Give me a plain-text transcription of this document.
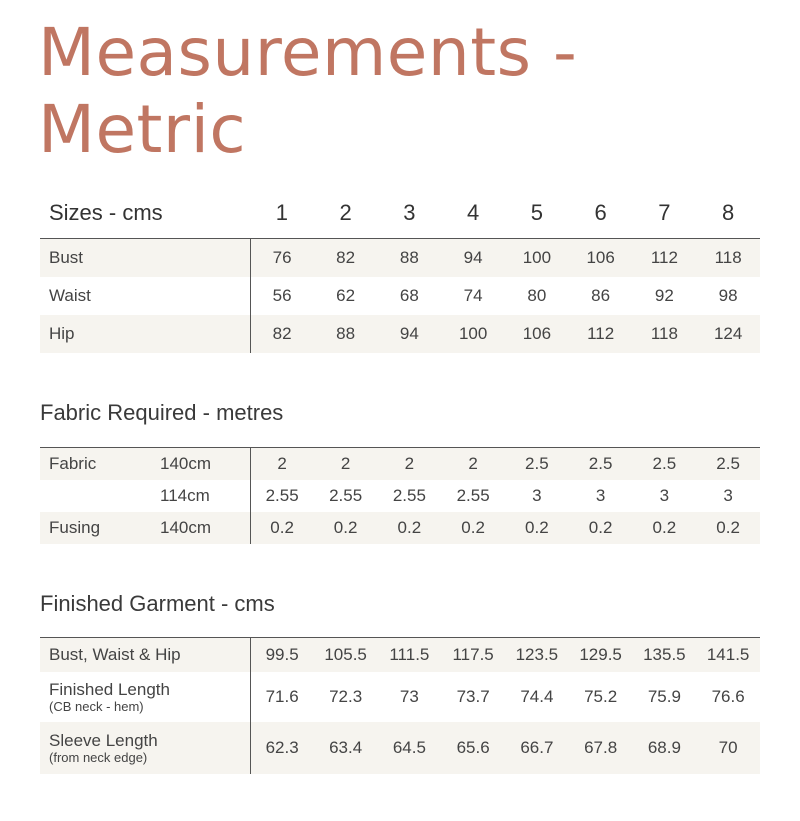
Measurements - Metric
Sizes - cms	1	2	3	4	5	6	7	8
Bust	76	82	88	94	100	106	112	118
Waist	56	62	68	74	80	86	92	98
Hip	82	88	94	100	106	112	118	124
Fabric Required - metres
Fabric	140cm	2	2	2	2	2.5	2.5	2.5	2.5
	114cm	2.55	2.55	2.55	2.55	3	3	3	3
Fusing	140cm	0.2	0.2	0.2	0.2	0.2	0.2	0.2	0.2
Finished Garment - cms
Bust, Waist & Hip	99.5	105.5	111.5	117.5	123.5	129.5	135.5	141.5
Finished Length
(CB neck - hem)	71.6	72.3	73	73.7	74.4	75.2	75.9	76.6
Sleeve Length
(from neck edge)	62.3	63.4	64.5	65.6	66.7	67.8	68.9	70
